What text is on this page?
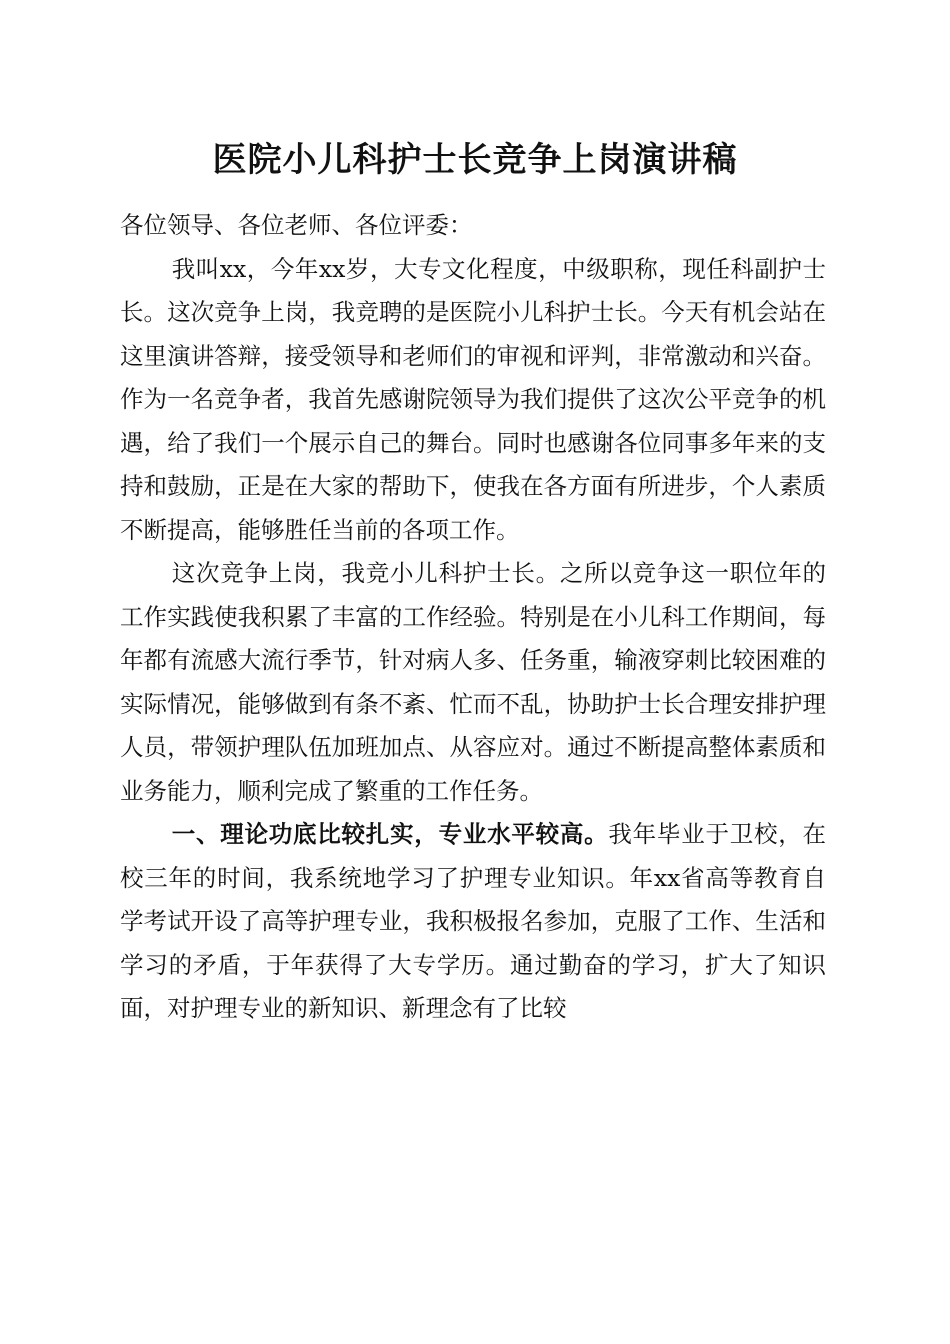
医院小儿科护士长竞争上岗演讲稿

各位领导、各位老师、各位评委：

我叫xx，今年xx岁，大专文化程度，中级职称，现任科副护士长。这次竞争上岗，我竞聘的是医院小儿科护士长。今天有机会站在这里演讲答辩，接受领导和老师们的审视和评判，非常激动和兴奋。作为一名竞争者，我首先感谢院领导为我们提供了这次公平竞争的机遇，给了我们一个展示自己的舞台。同时也感谢各位同事多年来的支持和鼓励，正是在大家的帮助下，使我在各方面有所进步，个人素质不断提高，能够胜任当前的各项工作。

这次竞争上岗，我竞小儿科护士长。之所以竞争这一职位年的工作实践使我积累了丰富的工作经验。特别是在小儿科工作期间，每年都有流感大流行季节，针对病人多、任务重，输液穿刺比较困难的实际情况，能够做到有条不紊、忙而不乱，协助护士长合理安排护理人员，带领护理队伍加班加点、从容应对。通过不断提高整体素质和业务能力，顺利完成了繁重的工作任务。

一、理论功底比较扎实，专业水平较高。我年毕业于卫校，在校三年的时间，我系统地学习了护理专业知识。年xx省高等教育自学考试开设了高等护理专业，我积极报名参加，克服了工作、生活和学习的矛盾，于年获得了大专学历。通过勤奋的学习，扩大了知识面，对护理专业的新知识、新理念有了比较
